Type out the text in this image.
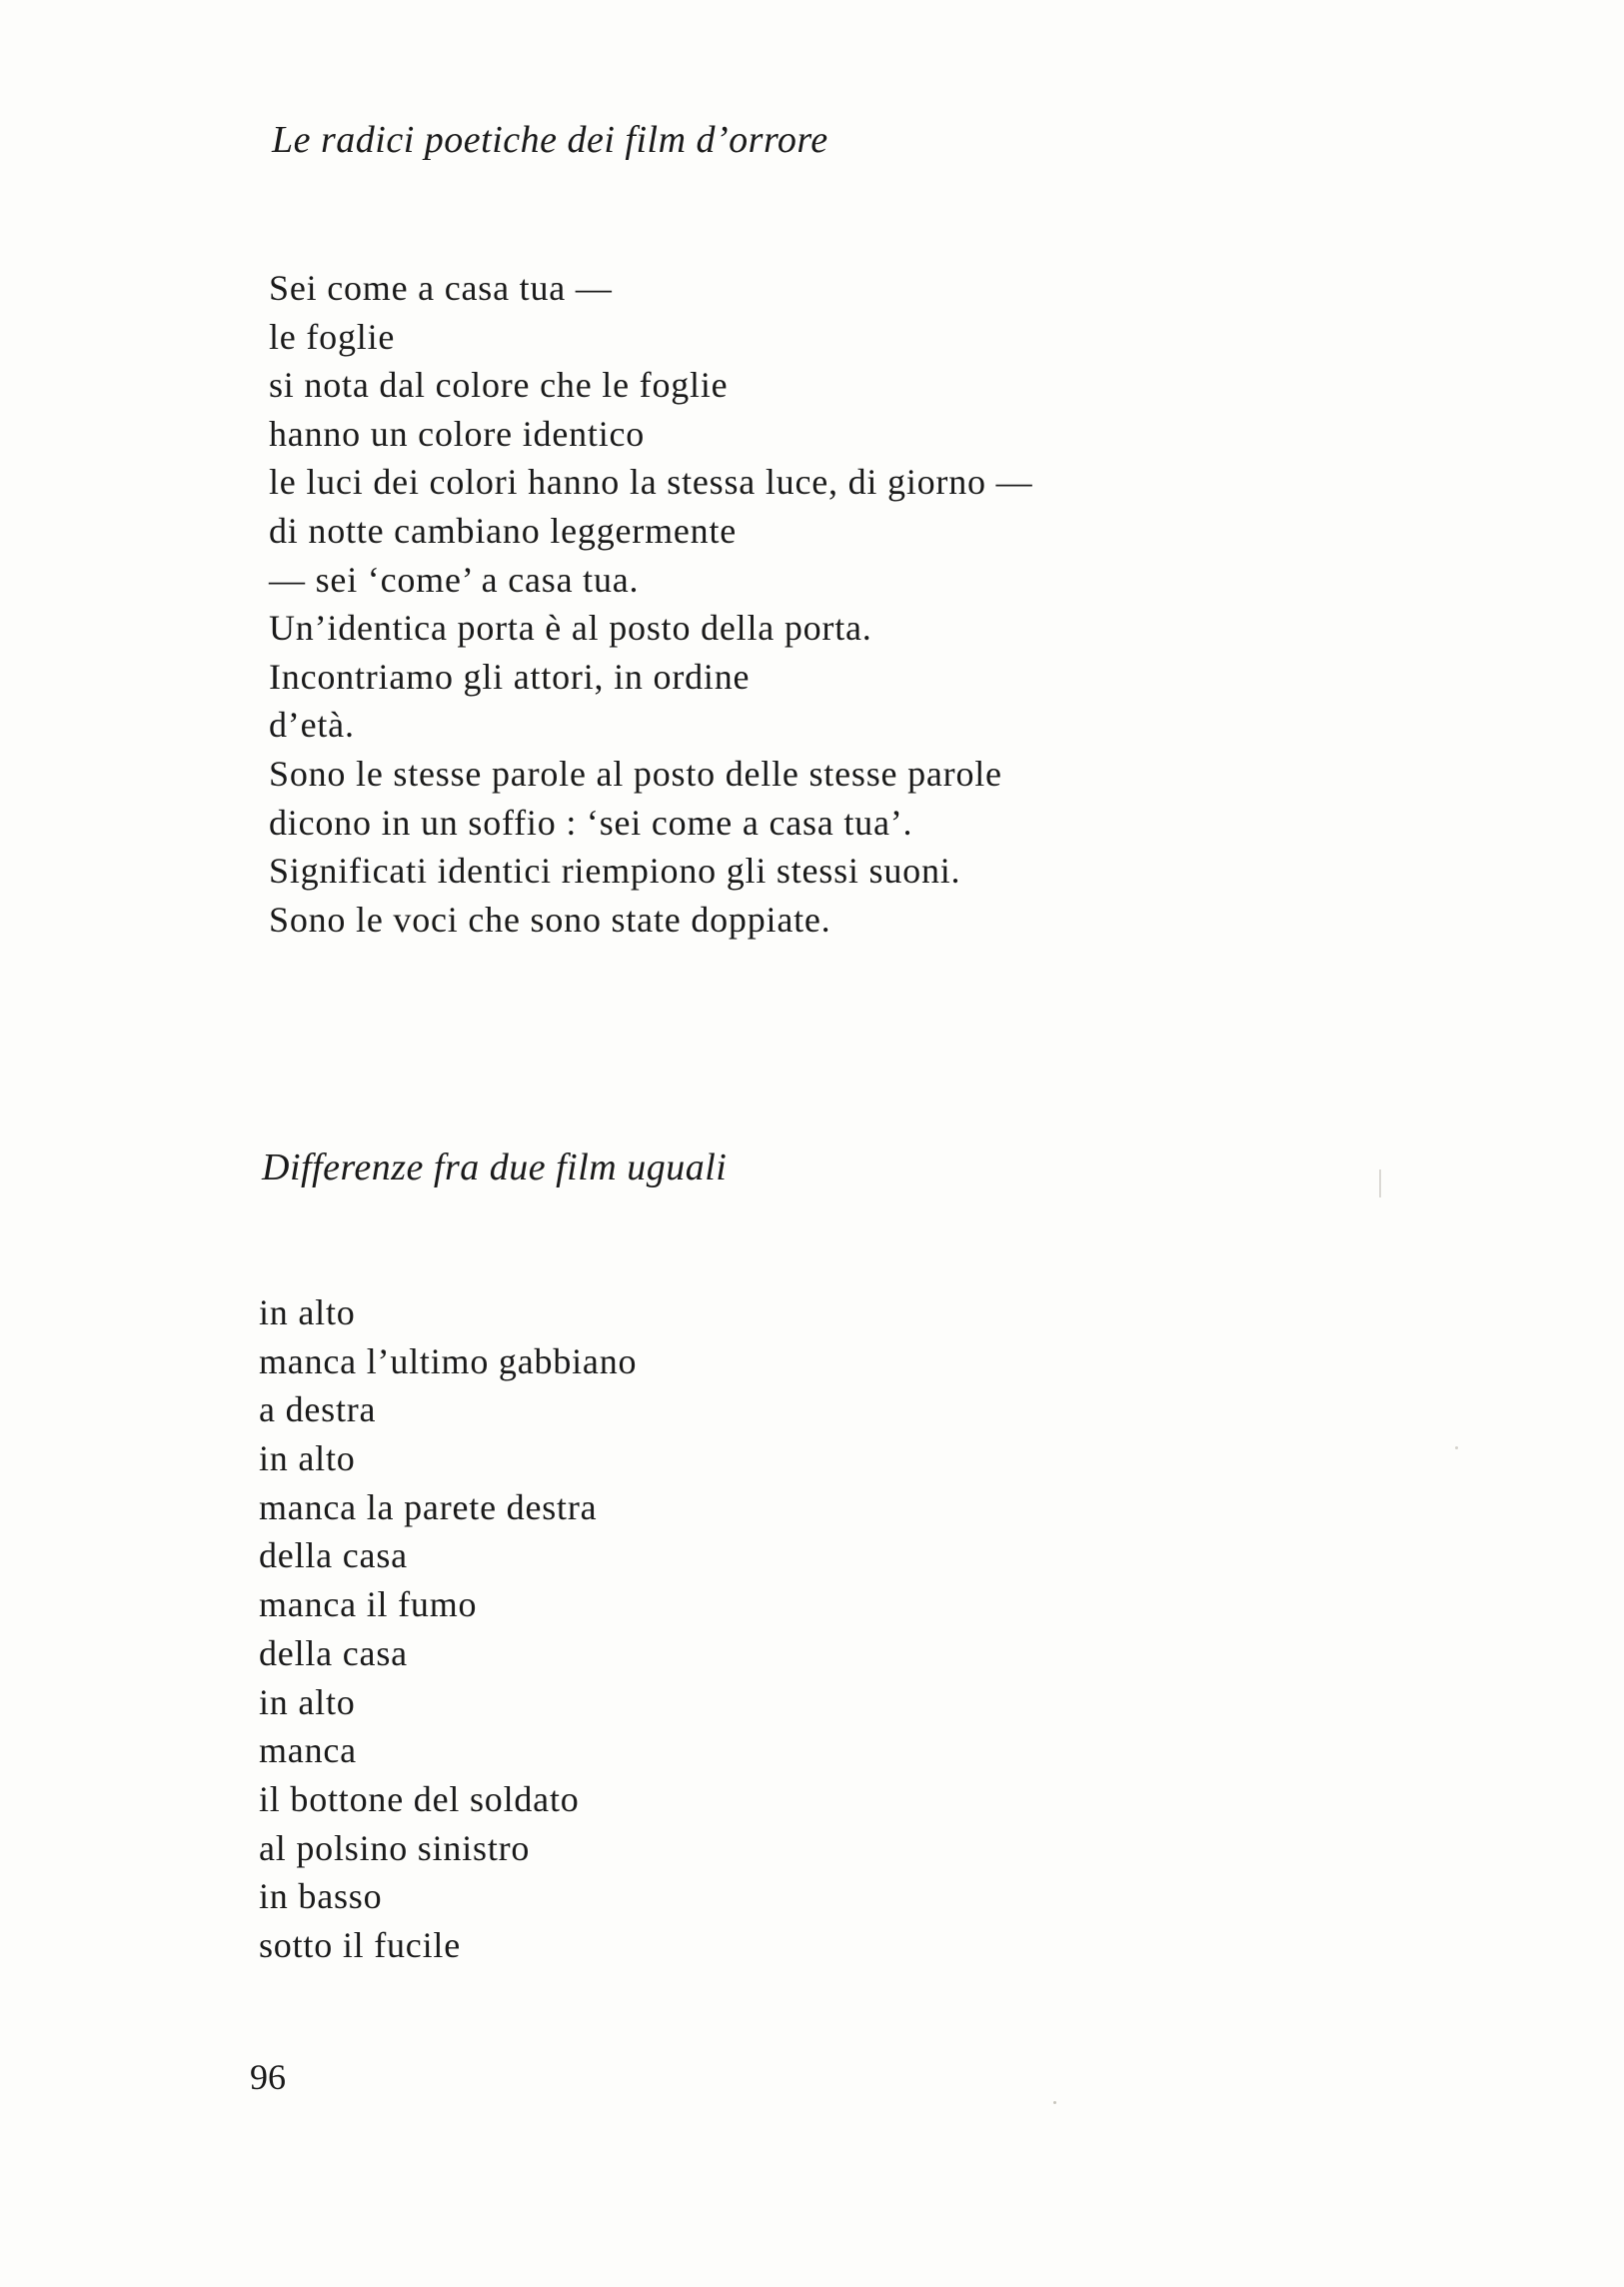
Le radici poetiche dei film d’orrore
Sei come a casa tua —
le foglie
si nota dal colore che le foglie
hanno un colore identico
le luci dei colori hanno la stessa luce, di giorno —
di notte cambiano leggermente
— sei ‘come’ a casa tua.
Un’identica porta è al posto della porta.
Incontriamo gli attori, in ordine
d’età.
Sono le stesse parole al posto delle stesse parole
dicono in un soffio : ‘sei come a casa tua’.
Significati identici riempiono gli stessi suoni.
Sono le voci che sono state doppiate.
Differenze fra due film uguali
in alto
manca l’ultimo gabbiano
a destra
in alto
manca la parete destra
della casa
manca il fumo
della casa
in alto
manca
il bottone del soldato
al polsino sinistro
in basso
sotto il fucile

96
